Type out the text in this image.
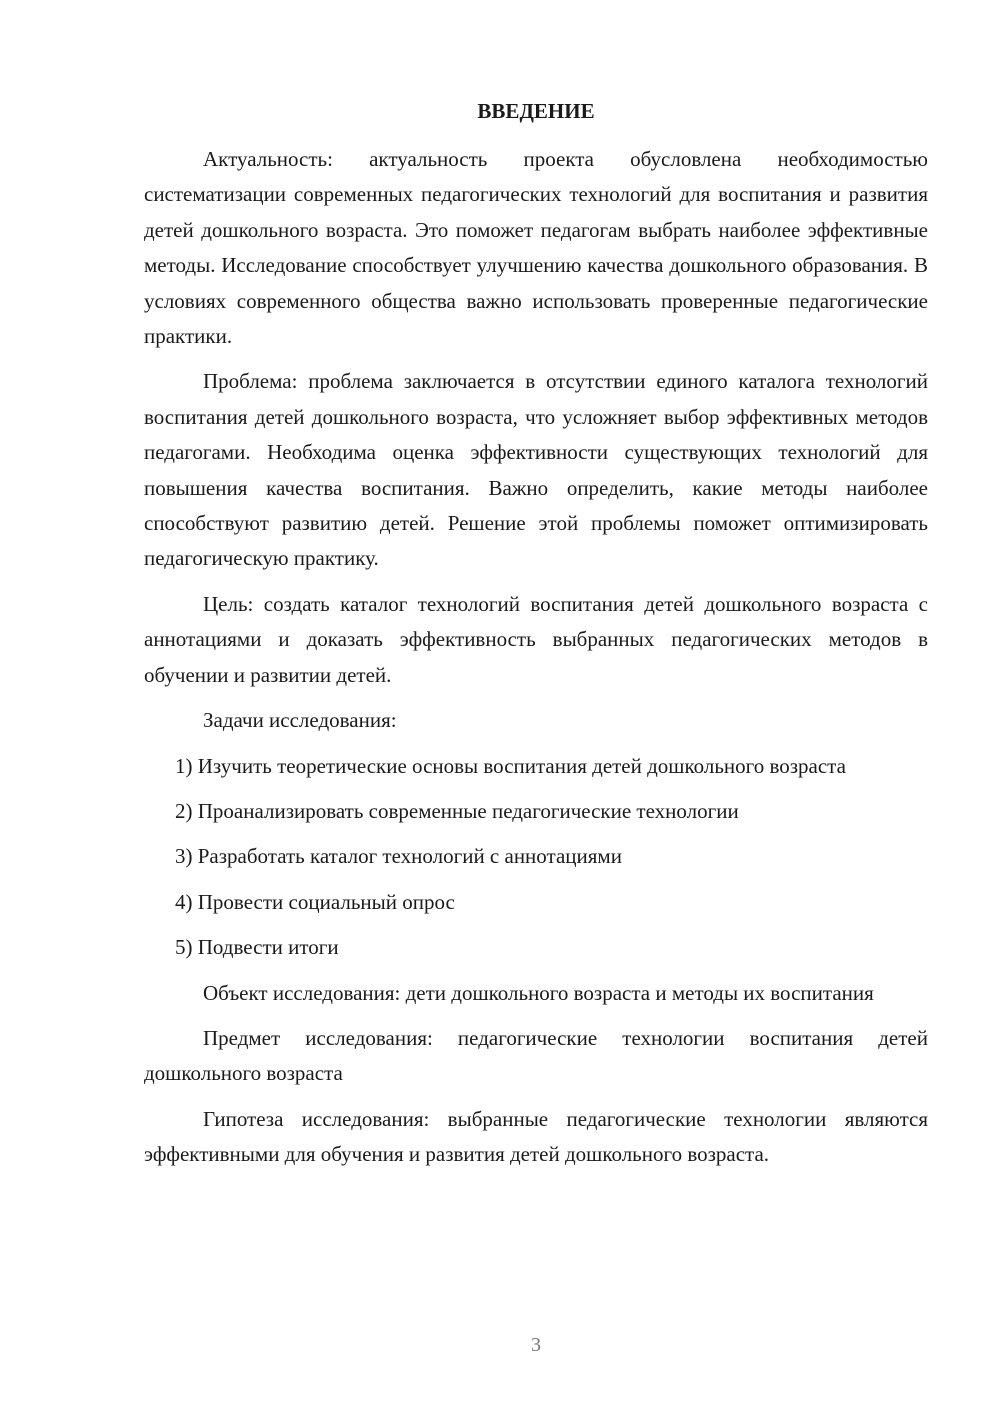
ВВЕДЕНИЕ

Актуальность: актуальность проекта обусловлена необходимостью систематизации современных педагогических технологий для воспитания и развития детей дошкольного возраста. Это поможет педагогам выбрать наиболее эффективные методы. Исследование способствует улучшению качества дошкольного образования. В условиях современного общества важно использовать проверенные педагогические практики.

Проблема: проблема заключается в отсутствии единого каталога технологий воспитания детей дошкольного возраста, что усложняет выбор эффективных методов педагогами. Необходима оценка эффективности существующих технологий для повышения качества воспитания. Важно определить, какие методы наиболее способствуют развитию детей. Решение этой проблемы поможет оптимизировать педагогическую практику.

Цель: создать каталог технологий воспитания детей дошкольного возраста с аннотациями и доказать эффективность выбранных педагогических методов в обучении и развитии детей.

Задачи исследования:

1) Изучить теоретические основы воспитания детей дошкольного возраста

2) Проанализировать современные педагогические технологии

3) Разработать каталог технологий с аннотациями

4) Провести социальный опрос

5) Подвести итоги

Объект исследования: дети дошкольного возраста и методы их воспитания

Предмет исследования: педагогические технологии воспитания детей дошкольного возраста

Гипотеза исследования: выбранные педагогические технологии являются эффективными для обучения и развития детей дошкольного возраста.

3
